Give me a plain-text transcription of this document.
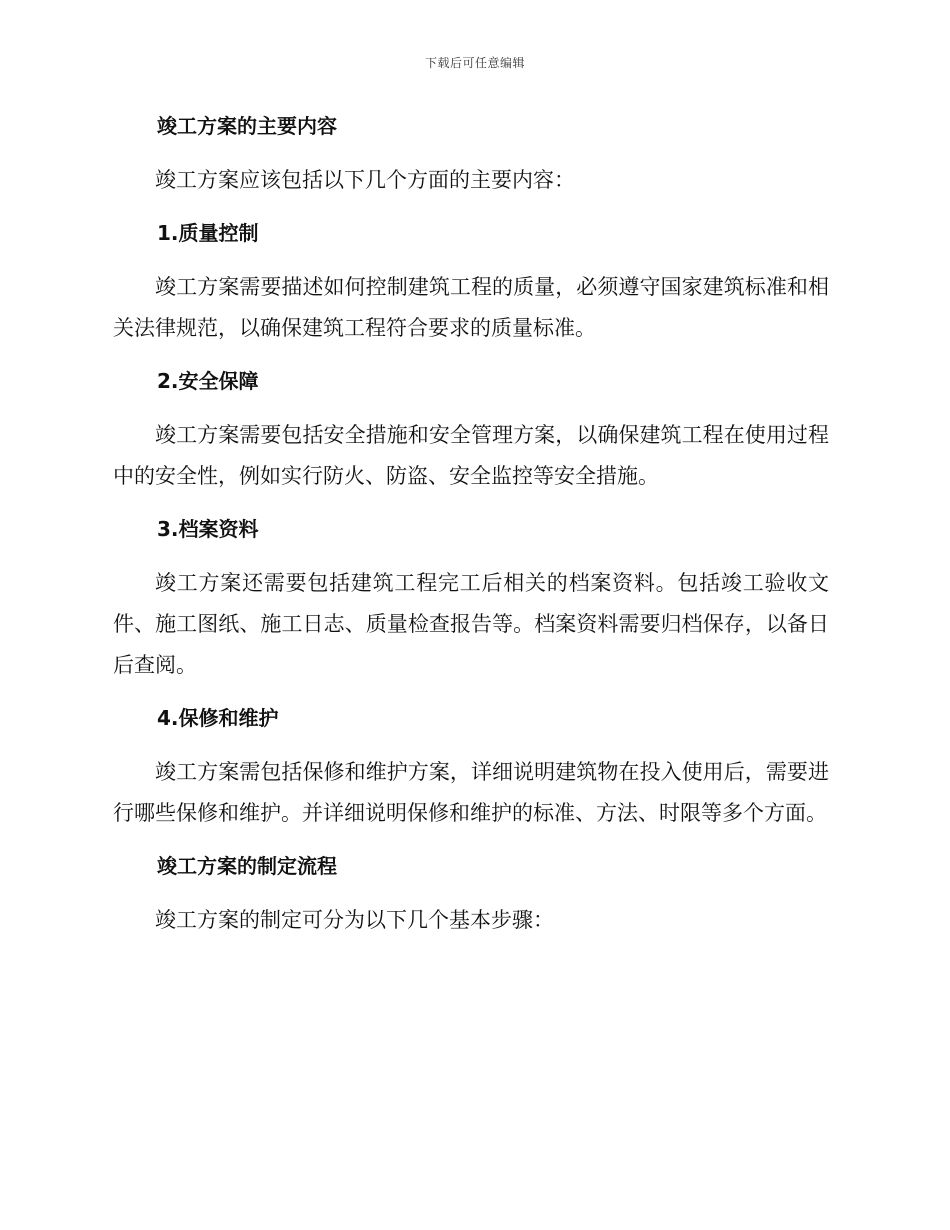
下载后可任意编辑
竣工方案的主要内容

竣工方案应该包括以下几个方面的主要内容：

1.质量控制

竣工方案需要描述如何控制建筑工程的质量，必须遵守国家建筑标准和相关法律规范，以确保建筑工程符合要求的质量标准。

2.安全保障

竣工方案需要包括安全措施和安全管理方案，以确保建筑工程在使用过程中的安全性，例如实行防火、防盗、安全监控等安全措施。

3.档案资料

竣工方案还需要包括建筑工程完工后相关的档案资料。包括竣工验收文件、施工图纸、施工日志、质量检查报告等。档案资料需要归档保存，以备日后查阅。

4.保修和维护

竣工方案需包括保修和维护方案，详细说明建筑物在投入使用后，需要进行哪些保修和维护。并详细说明保修和维护的标准、方法、时限等多个方面。

竣工方案的制定流程

竣工方案的制定可分为以下几个基本步骤：
